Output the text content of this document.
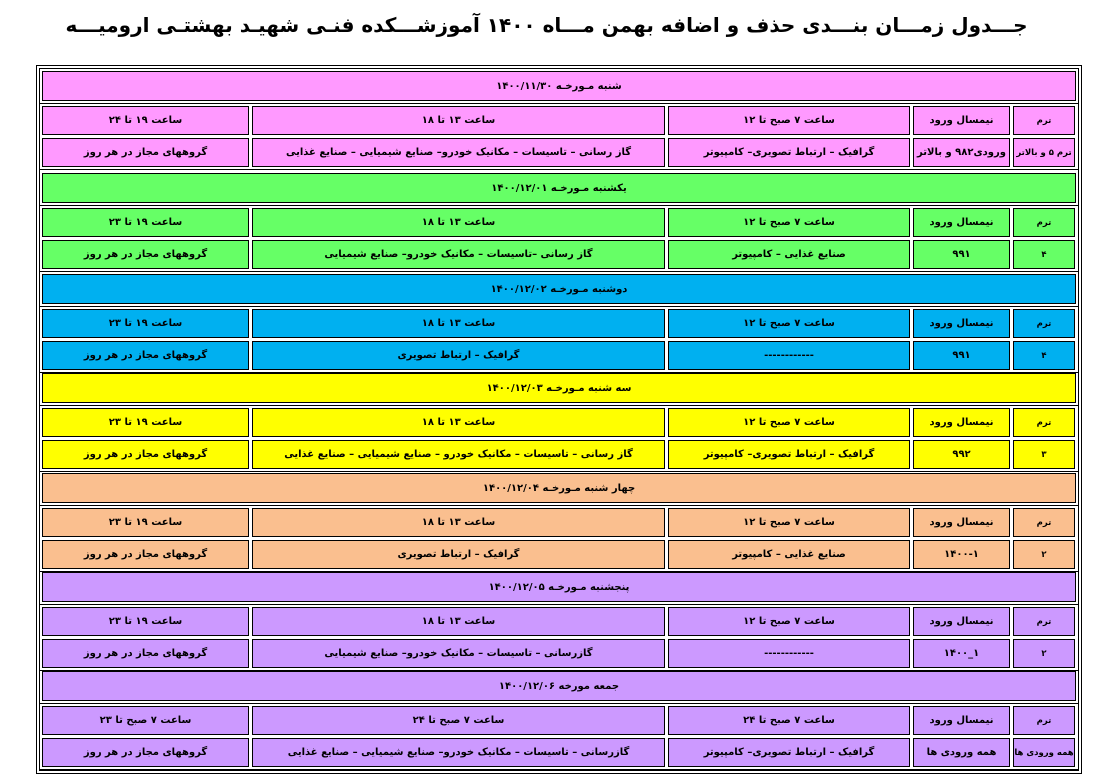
جـــدول زمـــان بنـــدی حذف و اضافه بهمن مـــاه ۱۴۰۰ آموزشـــکده فنـی شهیـد بهشتـی ارومیـــه
شنبه مـورخـه ۱۴۰۰/۱۱/۳۰
ترم
نیمسال ورود
ساعت ۷ صبح تا ۱۲
ساعت ۱۳ تا ۱۸
ساعت ۱۹ تا ۲۴
ترم ۵ و بالاتر
ورودی۹۸۲ و بالاتر
گرافیک – ارتباط تصویری– کامپیوتر
گاز رسانی – تاسیسات – مکانیک خودرو– صنایع شیمیایی – صنایع غذایی
گروههای مجاز در هر روز
یکشنبه مـورخـه ۱۴۰۰/۱۲/۰۱
ترم
نیمسال ورود
ساعت ۷ صبح تا ۱۲
ساعت ۱۳ تا ۱۸
ساعت ۱۹ تا ۲۳
۴
۹۹۱
صنایع غذایی – کامپیوتر
گاز رسانی –تاسیسات – مکانیک خودرو– صنایع شیمیایی
گروههای مجاز در هر روز
دوشنبه مـورخـه ۱۴۰۰/۱۲/۰۲
ترم
نیمسال ورود
ساعت ۷ صبح تا ۱۲
ساعت ۱۳ تا ۱۸
ساعت ۱۹ تا ۲۳
۴
۹۹۱
------------
گرافیک – ارتباط تصویری
گروههای مجاز در هر روز
سه شنبه مـورخـه ۱۴۰۰/۱۲/۰۳
ترم
نیمسال ورود
ساعت ۷ صبح تا ۱۲
ساعت ۱۳ تا ۱۸
ساعت ۱۹ تا ۲۳
۳
۹۹۲
گرافیک – ارتباط تصویری– کامپیوتر
گاز رسانی – تاسیسات – مکانیک خودرو – صنایع شیمیایی – صنایع غذایی
گروههای مجاز در هر روز
چهار شنبه مـورخـه ۱۴۰۰/۱۲/۰۴
ترم
نیمسال ورود
ساعت ۷ صبح تا ۱۲
ساعت ۱۳ تا ۱۸
ساعت ۱۹ تا ۲۳
۲
۱۴۰۰-۱
صنایع غذایی – کامپیوتر
گرافیک – ارتباط تصویری
گروههای مجاز در هر روز
پنجشنبه مـورخـه ۱۴۰۰/۱۲/۰۵
ترم
نیمسال ورود
ساعت ۷ صبح تا ۱۲
ساعت ۱۳ تا ۱۸
ساعت ۱۹ تا ۲۳
۲
۱۴۰۰_۱
------------
گازرسانی – تاسیسات – مکانیک خودرو– صنایع شیمیایی
گروههای مجاز در هر روز
جمعه مورخه ۱۴۰۰/۱۲/۰۶
ترم
نیمسال ورود
ساعت ۷ صبح تا ۲۴
ساعت ۷ صبح تا ۲۴
ساعت ۷ صبح تا ۲۳
همه ورودی ها
همه ورودی ها
گرافیک – ارتباط تصویری– کامپیوتر
گازرسانی – تاسیسات – مکانیک خودرو– صنایع شیمیایی – صنایع غذایی
گروههای مجاز در هر روز
